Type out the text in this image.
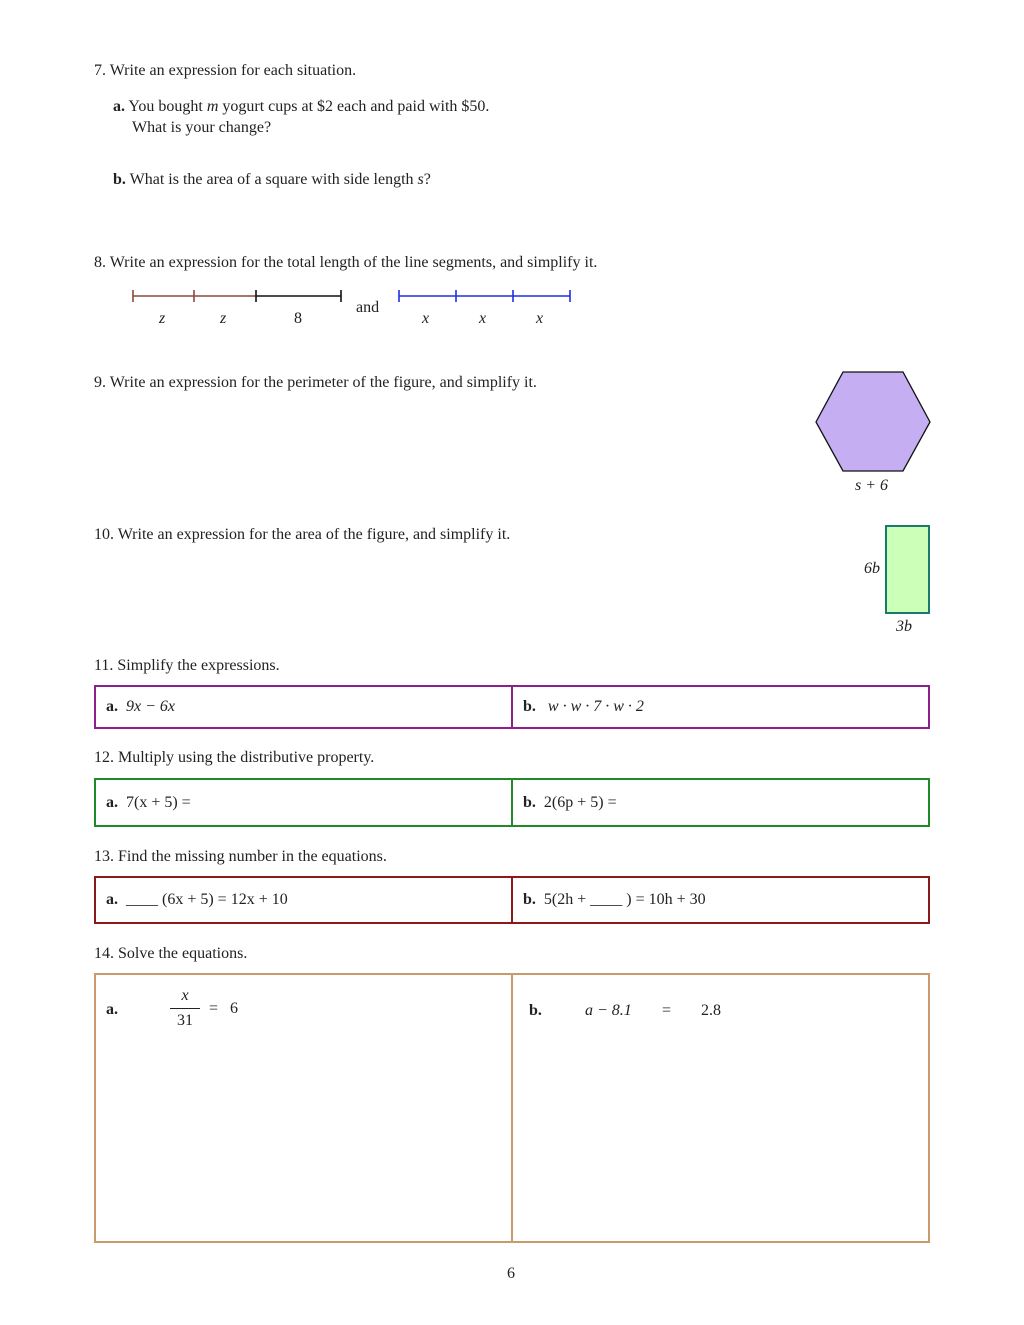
7. Write an expression for each situation.
a. You bought m yogurt cups at $2 each and paid with $50.
What is your change?
b. What is the area of a square with side length s?
8. Write an expression for the total length of the line segments, and simplify it.
z	z	8
and
x	x	x
9. Write an expression for the perimeter of the figure, and simplify it.
s + 6
10. Write an expression for the area of the figure, and simplify it.
6b
3b
11. Simplify the expressions.
a. 9x − 6x	b. w · w · 7 · w · 2
12. Multiply using the distributive property.
a. 7(x + 5) =	b. 2(6p + 5) =
13. Find the missing number in the equations.
a. ____ (6x + 5) = 12x + 10	b. 5(2h + ____ ) = 10h + 30
14. Solve the equations.
a.
x
31
=   6	b.	a − 8.1 = 2.8
6
